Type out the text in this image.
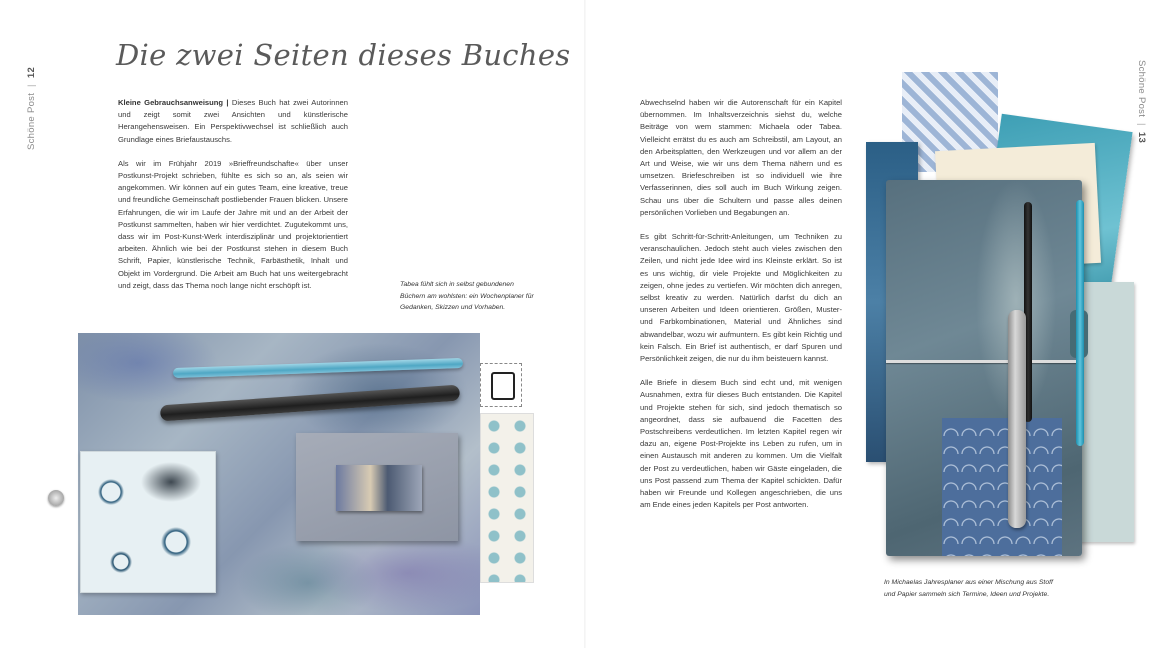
Schöne Post | 12
Die zwei Seiten dieses Buches

Kleine Gebrauchsanweisung | Dieses Buch hat zwei Autorinnen und zeigt somit zwei Ansichten und künstlerische Herangehensweisen. Ein Perspektivwechsel ist schließlich auch Grundlage eines Briefaustauschs.

Als wir im Frühjahr 2019 »Brieffreundschafte« über unser Postkunst-Projekt schrieben, fühlte es sich so an, als seien wir angekommen. Wir können auf ein gutes Team, eine kreative, treue und freundliche Gemeinschaft postliebender Frauen blicken. Unsere Erfahrungen, die wir im Laufe der Jahre mit und an der Arbeit der Postkunst sammelten, haben wir hier verdichtet. Zugutekommt uns, dass wir im Post-Kunst-Werk interdisziplinär und projektorientiert arbeiten. Ähnlich wie bei der Postkunst stehen in diesem Buch Schrift, Papier, künstlerische Technik, Farbästhetik, Inhalt und Objekt im Vordergrund. Die Arbeit am Buch hat uns weitergebracht und zeigt, dass das Thema noch lange nicht erschöpft ist.	Tabea fühlt sich in selbst gebundenen Büchern am wohlsten: ein Wochenplaner für Gedanken, Skizzen und Vorhaben.
Schöne Post | 13

Abwechselnd haben wir die Autorenschaft für ein Kapitel übernommen. Im Inhaltsverzeichnis siehst du, welche Beiträge von wem stammen: Michaela oder Tabea. Vielleicht errätst du es auch am Schreibstil, am Layout, an den Arbeitsplatten, den Werkzeugen und vor allem an der Art und Weise, wie wir uns dem Thema nähern und es umsetzen. Briefeschreiben ist so individuell wie ihre Verfasserinnen, dies soll auch im Buch Wirkung zeigen. Schau uns über die Schultern und passe alles deinen persönlichen Vorlieben und Begabungen an.

Es gibt Schritt-für-Schritt-Anleitungen, um Techniken zu veranschaulichen. Jedoch steht auch vieles zwischen den Zeilen, und nicht jede Idee wird ins Kleinste erklärt. So ist es uns wichtig, dir viele Projekte und Möglichkeiten zu zeigen, ohne jedes zu vertiefen. Wir möchten dich anregen, selbst kreativ zu werden. Natürlich darfst du dich an unseren Arbeiten und Ideen orientieren. Größen, Muster- und Farbkombinationen, Material und Ähnliches sind abwandelbar, wozu wir aufmuntern. Es gibt kein Richtig und kein Falsch. Ein Brief ist authentisch, er darf Spuren und Persönlichkeit zeigen, die nur du ihm beisteuern kannst.

Alle Briefe in diesem Buch sind echt und, mit wenigen Ausnahmen, extra für dieses Buch entstanden. Die Kapitel und Projekte stehen für sich, sind jedoch thematisch so angeordnet, dass sie aufbauend die Facetten des Postschreibens verdeutlichen. Im letzten Kapitel regen wir dazu an, eigene Post-Projekte ins Leben zu rufen, um in einen Austausch mit anderen zu kommen. Um die Vielfalt der Post zu verdeutlichen, haben wir Gäste eingeladen, die uns Post passend zum Thema der Kapitel schickten. Dafür haben wir Freunde und Kollegen angeschrieben, die uns am Ende eines jeden Kapitels per Post antworten.

In Michaelas Jahresplaner aus einer Mischung aus Stoff und Papier sammeln sich Termine, Ideen und Projekte.
